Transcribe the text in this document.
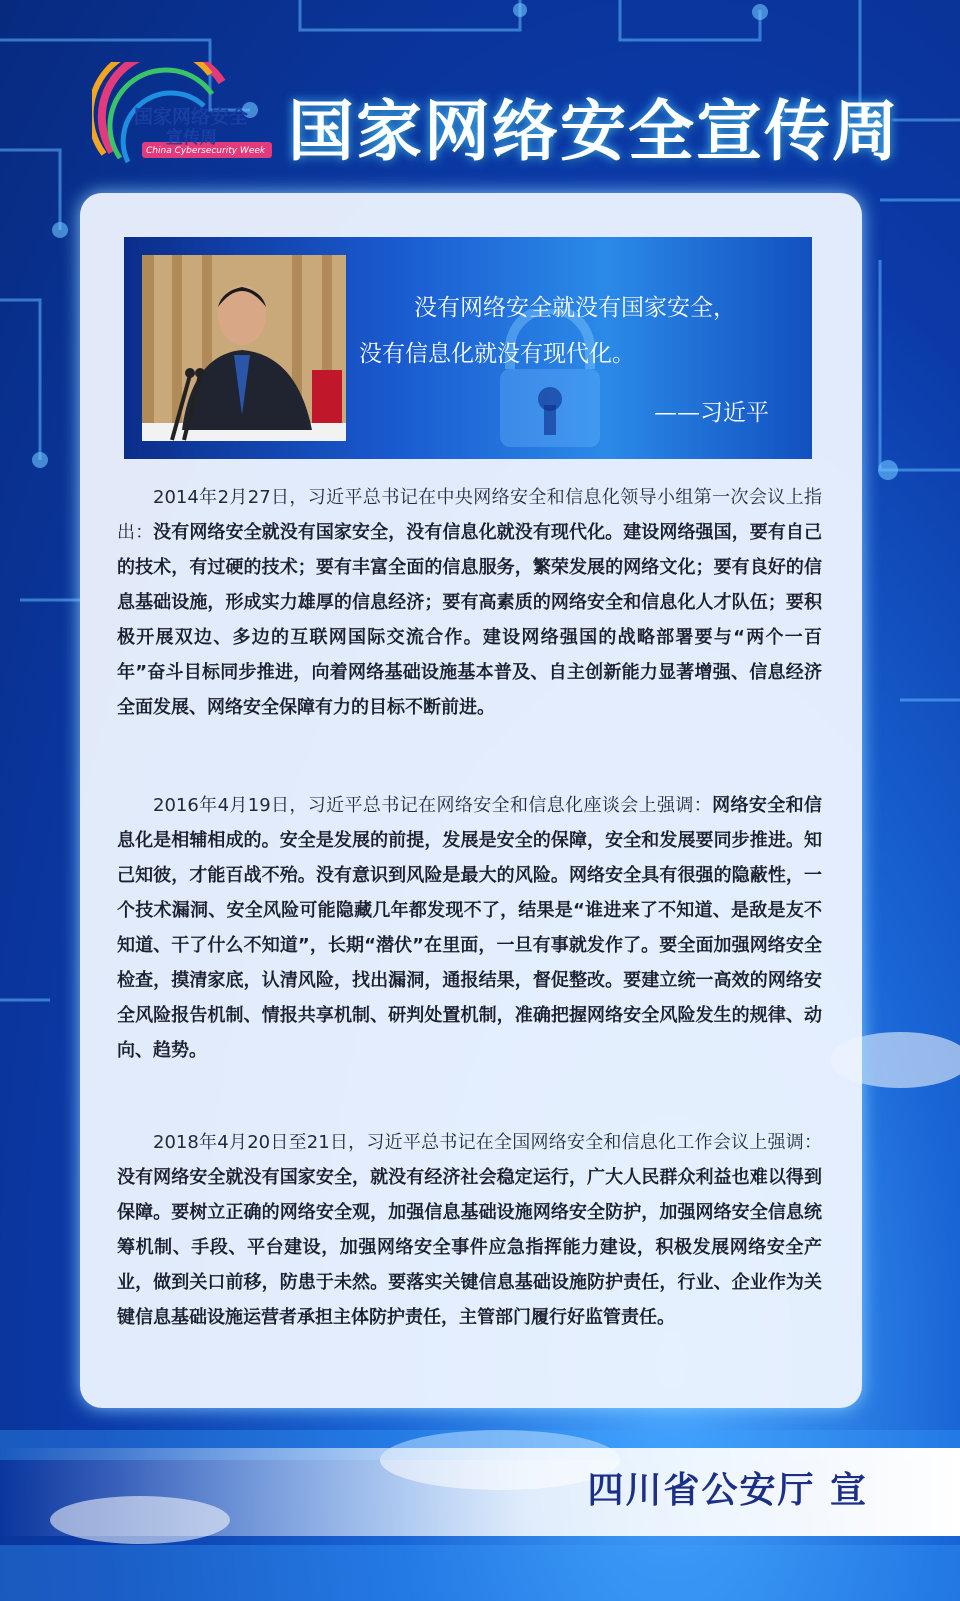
国家网络安全
宣传周
China Cybersecurity Week 国家网络安全宣传周
没有网络安全就没有国家安全，
没有信息化就没有现代化。
——习近平

2014年2月27日，习近平总书记在中央网络安全和信息化领导小组第一次会议上指出：没有网络安全就没有国家安全，没有信息化就没有现代化。建设网络强国，要有自己的技术，有过硬的技术；要有丰富全面的信息服务，繁荣发展的网络文化；要有良好的信息基础设施，形成实力雄厚的信息经济；要有高素质的网络安全和信息化人才队伍；要积极开展双边、多边的互联网国际交流合作。建设网络强国的战略部署要与“两个一百年”奋斗目标同步推进，向着网络基础设施基本普及、自主创新能力显著增强、信息经济全面发展、网络安全保障有力的目标不断前进。

2016年4月19日，习近平总书记在网络安全和信息化座谈会上强调：网络安全和信息化是相辅相成的。安全是发展的前提，发展是安全的保障，安全和发展要同步推进。知己知彼，才能百战不殆。没有意识到风险是最大的风险。网络安全具有很强的隐蔽性，一个技术漏洞、安全风险可能隐藏几年都发现不了，结果是“谁进来了不知道、是敌是友不知道、干了什么不知道”，长期“潜伏”在里面，一旦有事就发作了。要全面加强网络安全检查，摸清家底，认清风险，找出漏洞，通报结果，督促整改。要建立统一高效的网络安全风险报告机制、情报共享机制、研判处置机制，准确把握网络安全风险发生的规律、动向、趋势。

2018年4月20日至21日，习近平总书记在全国网络安全和信息化工作会议上强调：没有网络安全就没有国家安全，就没有经济社会稳定运行，广大人民群众利益也难以得到保障。要树立正确的网络安全观，加强信息基础设施网络安全防护，加强网络安全信息统筹机制、手段、平台建设，加强网络安全事件应急指挥能力建设，积极发展网络安全产业，做到关口前移，防患于未然。要落实关键信息基础设施防护责任，行业、企业作为关键信息基础设施运营者承担主体防护责任，主管部门履行好监管责任。

四川省公安厅 宣
